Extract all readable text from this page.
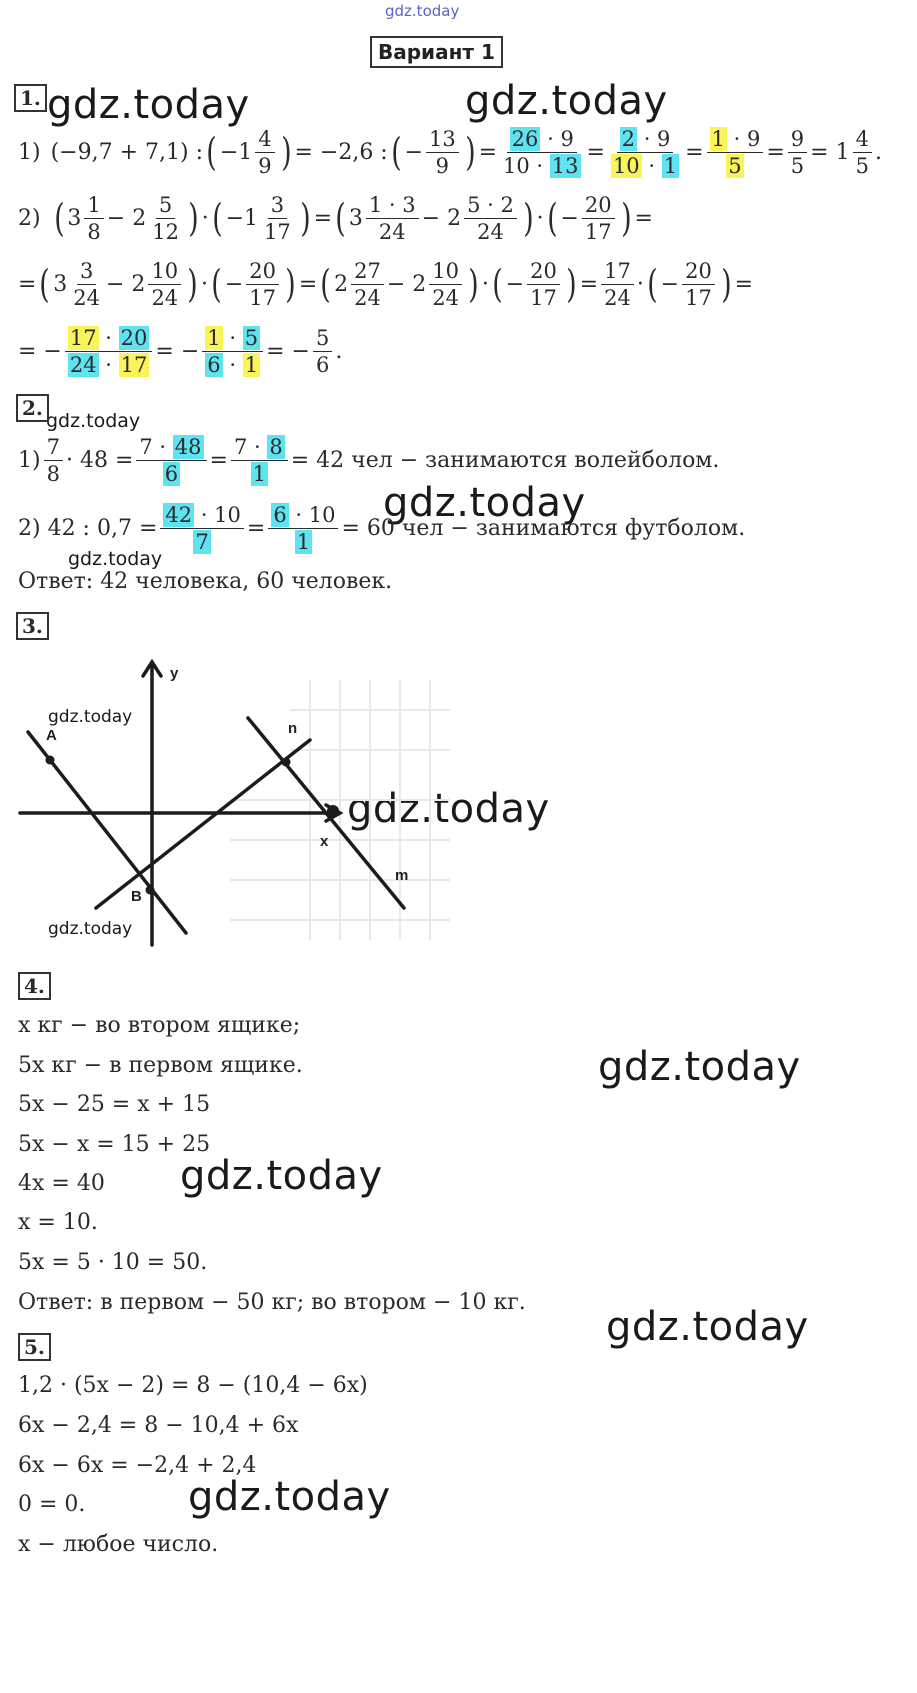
gdz.today
Вариант 1
gdz.today	gdz.today
gdz.today
gdz.today
gdz.today
gdz.today
gdz.today
gdz.today
gdz.today
gdz.today
1.
1) (−9,7 + 7,1) : ( $-1 \frac{4}{9}$ ) = −2,6 : ( − $\frac{13}{9}$ ) = $\frac{26 \cdot 9}{10 \cdot 13} = \frac{2 \cdot 9}{10 \cdot 1} = \frac{1 \cdot 9}{5} = \frac{9}{5} = 1 \frac{4}{5}$ .
2) ( $3 \frac{1}{8} - 2 \frac{5}{12}$ ) · ( $-1 \frac{3}{17}$ ) = ( $3 \frac{1 \cdot 3}{24} - 2 \frac{5 \cdot 2}{24}$ ) · ( − $\frac{20}{17}$ ) =
= ( $3 \frac{3}{24} - 2 \frac{10}{24}$ ) · ( − $\frac{20}{17}$ ) = ( $2 \frac{27}{24} - 2 \frac{10}{24}$ ) · ( − $\frac{20}{17}$ ) = $\frac{17}{24}$ · ( − $\frac{20}{17}$ ) =
= − $\frac{17 \cdot 20}{24 \cdot 17}$ = − $\frac{1 \cdot 5}{6 \cdot 1}$ = − $\frac{5}{6}$ .
2.
$1) \frac{7}{8} \cdot 48 = \frac{7 \cdot 48}{6} = \frac{7 \cdot 8}{1} = 42$ чел − занимаются волейболом.
2) 42 : $0,7 = \frac{42 \cdot 10}{7} = \frac{6 \cdot 10}{1} = 60$ чел − занимаются футболом.
Ответ: 42 человека, 60 человек.
3.
y
x
A
B
n
m
gdz.today
gdz.today
4.
x кг − во втором ящике;
5x кг − в первом ящике.
5x − 25 = x + 15
5x − x = 15 + 25
4x = 40
x = 10.
5x = 5 · 10 = 50.
Ответ: в первом − 50 кг; во втором − 10 кг.
5.
1,2 · (5x − 2) = 8 − (10,4 − 6x)
6x − 2,4 = 8 − 10,4 + 6x
6x − 6x = −2,4 + 2,4
0 = 0.
x − любое число.
